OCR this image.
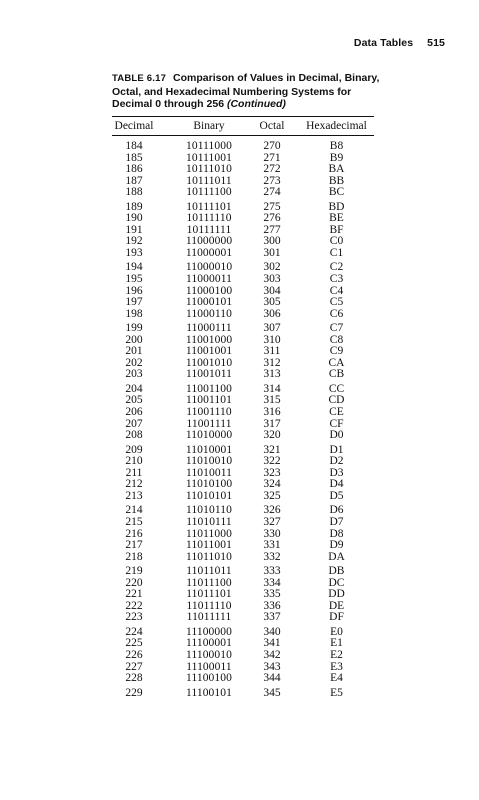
Data Tables 515
TABLE 6.17 Comparison of Values in Decimal, Binary, Octal, and Hexadecimal Numbering Systems for Decimal 0 through 256 (Continued)
Decimal	Binary	Octal	Hexadecimal
184	10111000	270	B8
185	10111001	271	B9
186	10111010	272	BA
187	10111011	273	BB
188	10111100	274	BC
189	10111101	275	BD
190	10111110	276	BE
191	10111111	277	BF
192	11000000	300	C0
193	11000001	301	C1
194	11000010	302	C2
195	11000011	303	C3
196	11000100	304	C4
197	11000101	305	C5
198	11000110	306	C6
199	11000111	307	C7
200	11001000	310	C8
201	11001001	311	C9
202	11001010	312	CA
203	11001011	313	CB
204	11001100	314	CC
205	11001101	315	CD
206	11001110	316	CE
207	11001111	317	CF
208	11010000	320	D0
209	11010001	321	D1
210	11010010	322	D2
211	11010011	323	D3
212	11010100	324	D4
213	11010101	325	D5
214	11010110	326	D6
215	11010111	327	D7
216	11011000	330	D8
217	11011001	331	D9
218	11011010	332	DA
219	11011011	333	DB
220	11011100	334	DC
221	11011101	335	DD
222	11011110	336	DE
223	11011111	337	DF
224	11100000	340	E0
225	11100001	341	E1
226	11100010	342	E2
227	11100011	343	E3
228	11100100	344	E4
229	11100101	345	E5
